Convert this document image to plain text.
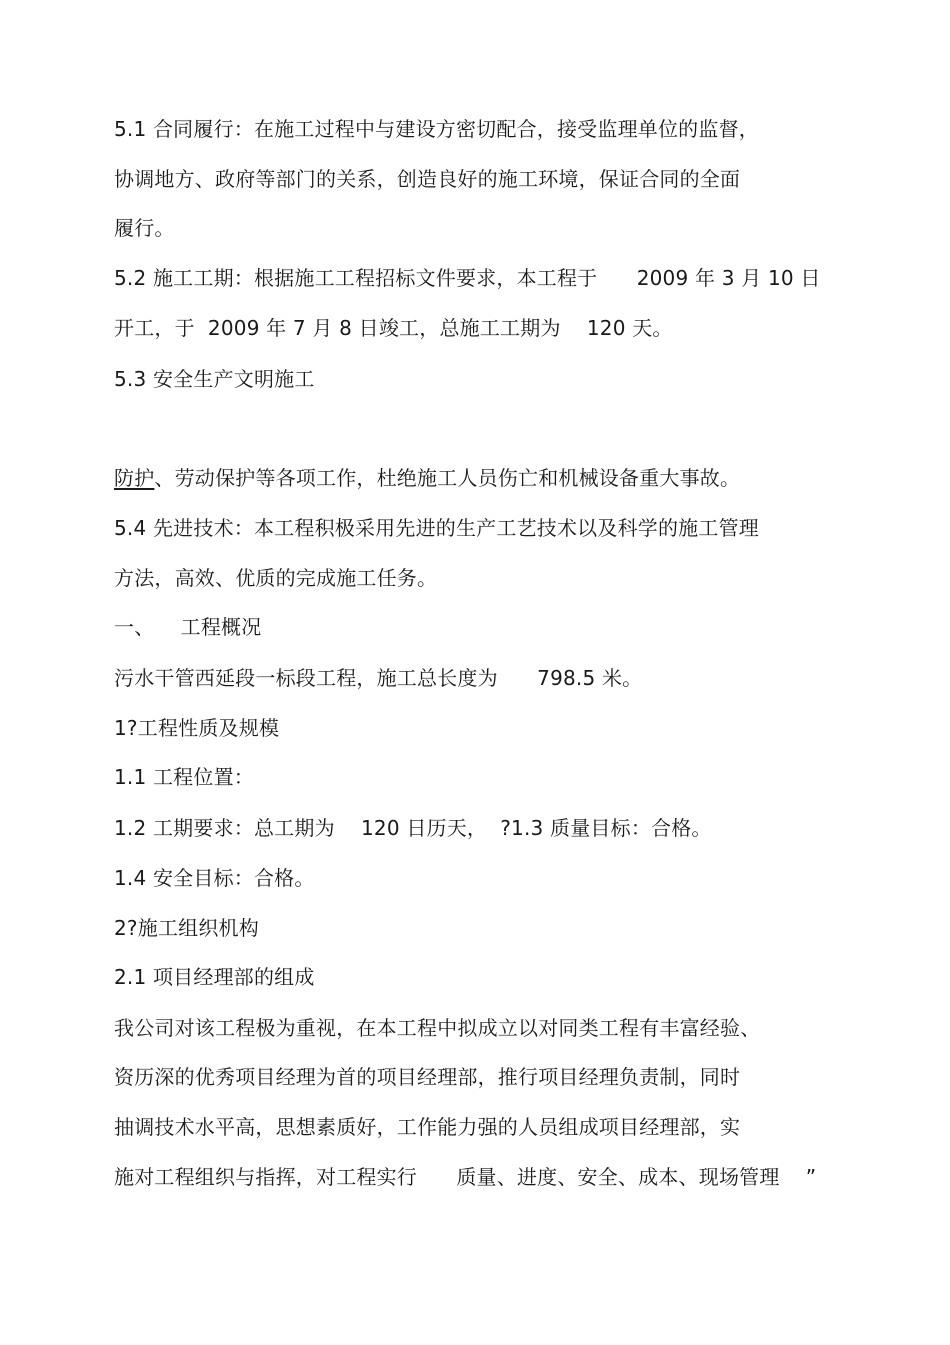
5.1 合同履行：在施工过程中与建设方密切配合，接受监理单位的监督，
协调地方、政府等部门的关系，创造良好的施工环境，保证合同的全面
履行。
5.2 施工工期：根据施工工程招标文件要求，本工程于      2009 年 3 月 10 日
开工，于  2009 年 7 月 8 日竣工，总施工工期为    120 天。
5.3 安全生产文明施工
防护、劳动保护等各项工作，杜绝施工人员伤亡和机械设备重大事故。
5.4 先进技术：本工程积极采用先进的生产工艺技术以及科学的施工管理
方法，高效、优质的完成施工任务。
一、    工程概况
污水干管西延段一标段工程，施工总长度为      798.5 米。
1?工程性质及规模
1.1 工程位置：
1.2 工期要求：总工期为    120 日历天，  ?1.3 质量目标：合格。
1.4 安全目标：合格。
2?施工组织机构
2.1 项目经理部的组成
我公司对该工程极为重视，在本工程中拟成立以对同类工程有丰富经验、
资历深的优秀项目经理为首的项目经理部，推行项目经理负责制，同时
抽调技术水平高，思想素质好，工作能力强的人员组成项目经理部，实
施对工程组织与指挥，对工程实行      质量、进度、安全、成本、现场管理    ”
